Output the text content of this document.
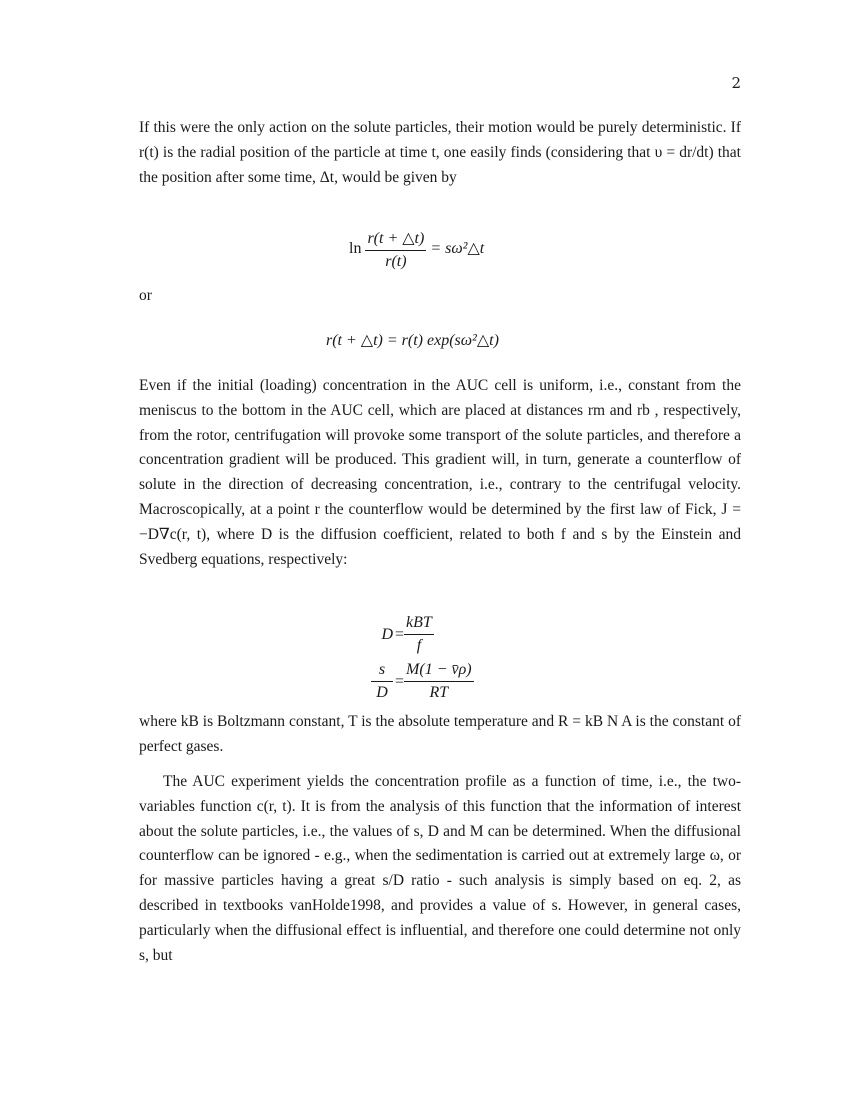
2
If this were the only action on the solute particles, their motion would be purely deterministic. If r(t) is the radial position of the particle at time t, one easily finds (considering that υ = dr/dt) that the position after some time, Δt, would be given by
$\ln \frac{r(t + \triangle t)}{r(t)}$ = sω²△t
or
r(t + △t) = r(t) exp(sω²△t)
Even if the initial (loading) concentration in the AUC cell is uniform, i.e., constant from the meniscus to the bottom in the AUC cell, which are placed at distances rm and rb , respectively, from the rotor, centrifugation will provoke some transport of the solute particles, and therefore a concentration gradient will be produced. This gradient will, in turn, generate a counterflow of solute in the direction of decreasing concentration, i.e., contrary to the centrifugal velocity. Macroscopically, at a point r the counterflow would be determined by the first law of Fick, J = −D∇c(r, t), where D is the diffusion coefficient, related to both f and s by the Einstein and Svedberg equations, respectively:
$D = \frac{\text{kBT}}{f}$
$\frac{s}{D} = \frac{M(1 - v̄\rho)}{RT}$
where kB is Boltzmann constant, T is the absolute temperature and R = kB N A is the constant of perfect gases.
The AUC experiment yields the concentration profile as a function of time, i.e., the two-variables function c(r, t). It is from the analysis of this function that the information of interest about the solute particles, i.e., the values of s, D and M can be determined. When the diffusional counterflow can be ignored - e.g., when the sedimentation is carried out at extremely large ω, or for massive particles having a great s/D ratio - such analysis is simply based on eq. 2, as described in textbooks vanHolde1998, and provides a value of s. However, in general cases, particularly when the diffusional effect is influential, and therefore one could determine not only s, but
